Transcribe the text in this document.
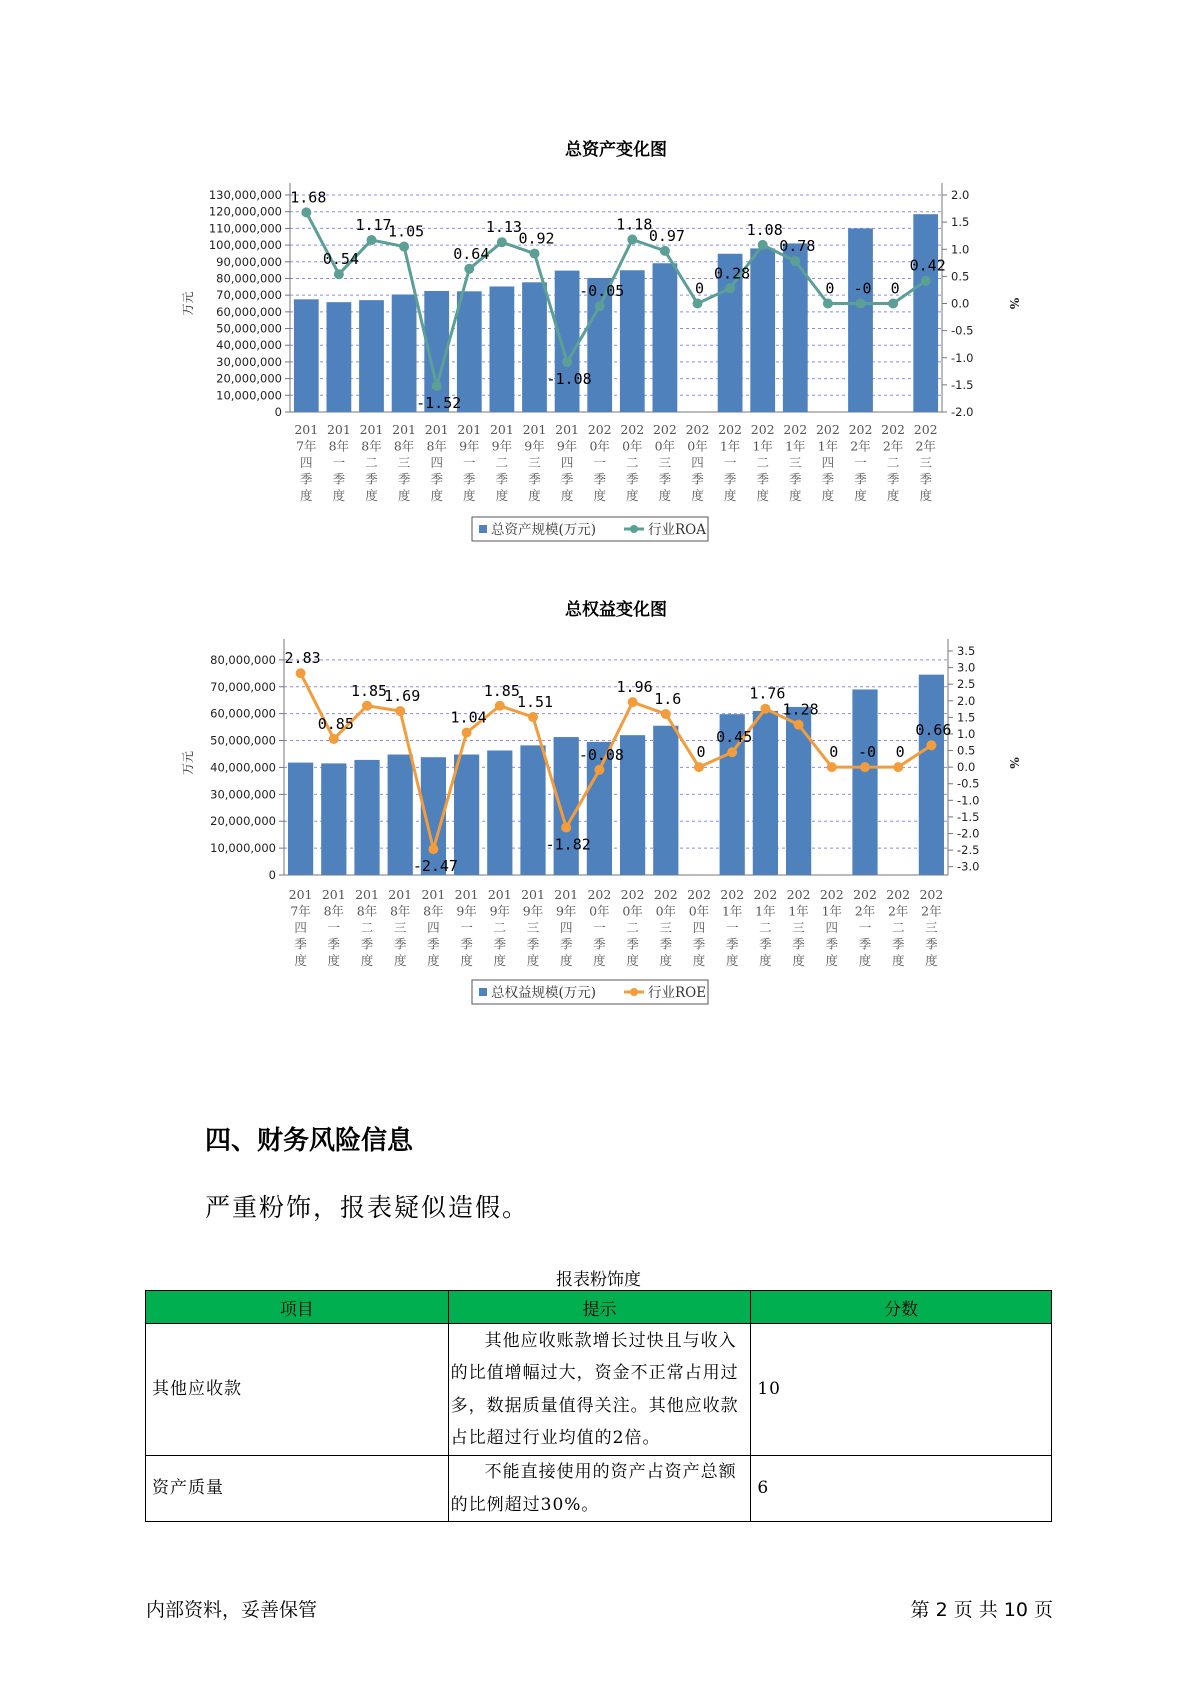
总资产变化图
130,000,000
120,000,000
110,000,000
100,000,000
90,000,000
80,000,000
70,000,000
60,000,000
50,000,000
40,000,000
30,000,000
20,000,000
10,000,000
0
2.0
1.5
1.0
0.5
0.0
-0.5
-1.0
-1.5
-2.0
万元	%
201
7年
四
季
度
201
8年
一
季
度
201
8年
二
季
度
201
8年
三
季
度
201
8年
四
季
度
201
9年
一
季
度
201
9年
二
季
度
201
9年
三
季
度
201
9年
四
季
度
202
0年
一
季
度
202
0年
二
季
度
202
0年
三
季
度
202
0年
四
季
度
202
1年
一
季
度
202
1年
二
季
度
202
1年
三
季
度
202
1年
四
季
度
202
2年
一
季
度
202
2年
二
季
度
202
2年
三
季
度
1.68
0.54
1.17
1.05
-1.52
0.64
1.13
0.92
-1.08
-0.05
1.18
0.97
0
0.28
1.08
0.78
0 -0 0
0.42
总资产规模(万元)	行业ROA
总权益变化图
80,000,000
70,000,000
60,000,000
50,000,000
40,000,000
30,000,000
20,000,000
10,000,000
0
3.5
3.0
2.5
2.0
1.5
1.0
0.5
0.0
-0.5
-1.0
-1.5
-2.0
-2.5
-3.0
万元	%
201
7年
四
季
度
201
8年
一
季
度
201
8年
二
季
度
201
8年
三
季
度
201
8年
四
季
度
201
9年
一
季
度
201
9年
二
季
度
201
9年
三
季
度
201
9年
四
季
度
202
0年
一
季
度
202
0年
二
季
度
202
0年
三
季
度
202
0年
四
季
度
202
1年
一
季
度
202
1年
二
季
度
202
1年
三
季
度
202
1年
四
季
度
202
2年
一
季
度
202
2年
二
季
度
202
2年
三
季
度
2.83
0.85
1.85
1.69
-2.47
1.04
1.85
1.51
-1.82
-0.08
1.96
1.6
0
0.45
1.76
1.28
0 -0 0
0.66
总权益规模(万元)	行业ROE
四、财务风险信息

严重粉饰，报表疑似造假。

报表粉饰度
项目	提示	分数
其他应收款	其他应收账款增长过快且与收入的比值增幅过大，资金不正常占用过多，数据质量值得关注。其他应收款占比超过行业均值的2倍。	10
资产质量	不能直接使用的资产占资产总额的比例超过30%。	6
内部资料，妥善保管	第 2 页 共 10 页
